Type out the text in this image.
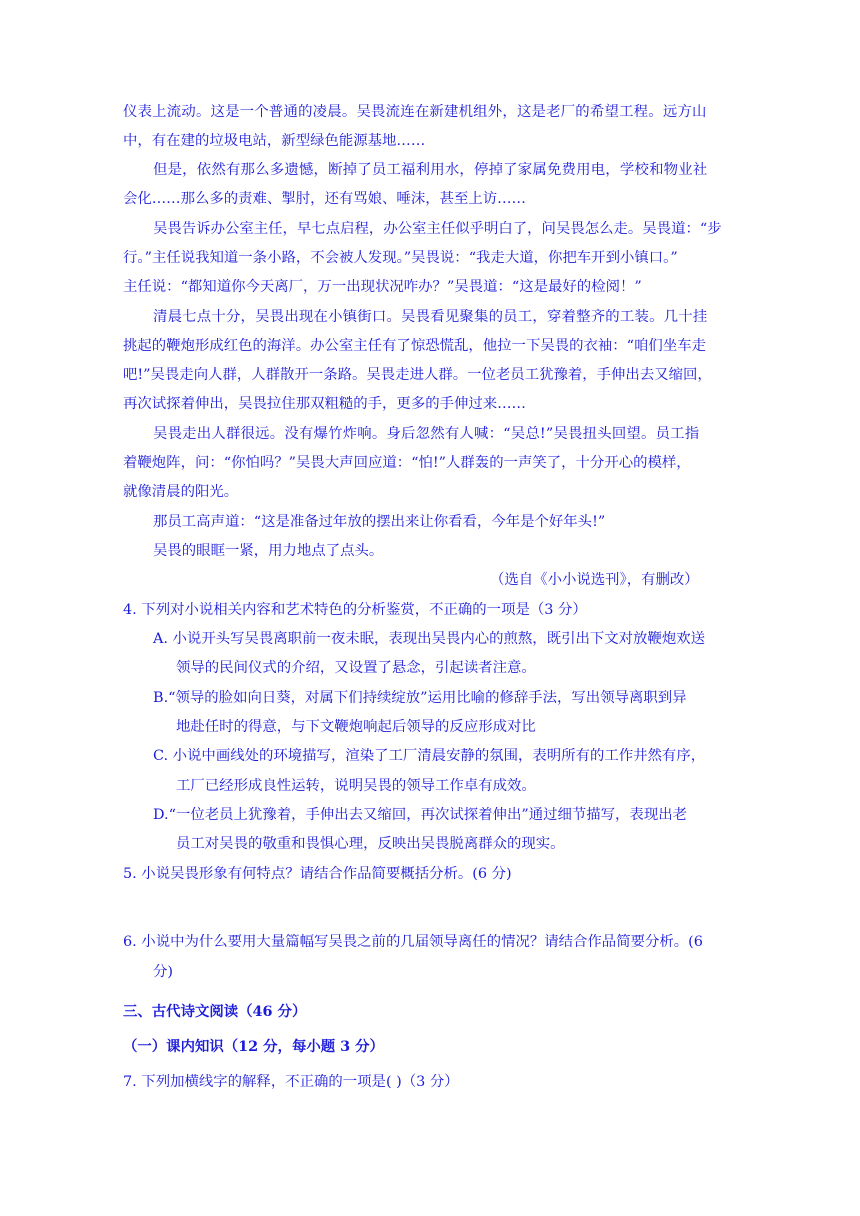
仪表上流动。这是一个普通的凌晨。吴畏流连在新建机组外，这是老厂的希望工程。远方山
中，有在建的垃圾电站，新型绿色能源基地……
但是，依然有那么多遗憾，断掉了员工福利用水，停掉了家属免费用电，学校和物业社
会化……那么多的责难、掣肘，还有骂娘、唾沫，甚至上访……
吴畏告诉办公室主任，早七点启程，办公室主任似乎明白了，问吴畏怎么走。吴畏道：“步
行。”主任说我知道一条小路，不会被人发现。”吴畏说：“我走大道，你把车开到小镇口。”
主任说：“都知道你今天离厂，万一出现状况咋办？”吴畏道：“这是最好的检阅！”
清晨七点十分，吴畏出现在小镇街口。吴畏看见聚集的员工，穿着整齐的工装。几十挂
挑起的鞭炮形成红色的海洋。办公室主任有了惊恐慌乱，他拉一下吴畏的衣袖：“咱们坐车走
吧!”吴畏走向人群，人群散开一条路。吴畏走进人群。一位老员工犹豫着，手伸出去又缩回，
再次试探着伸出，吴畏拉住那双粗糙的手，更多的手伸过来……
吴畏走出人群很远。没有爆竹炸响。身后忽然有人喊：“吴总!”吴畏扭头回望。员工指
着鞭炮阵，问：“你怕吗？”吴畏大声回应道：“怕!”人群轰的一声笑了，十分开心的模样，
就像清晨的阳光。
那员工高声道：“这是准备过年放的摆出来让你看看，今年是个好年头!”
吴畏的眼眶一紧，用力地点了点头。
（选自《小小说选刊》，有删改）
4. 下列对小说相关内容和艺术特色的分析鉴赏，不正确的一项是（3 分）
A. 小说开头写吴畏离职前一夜未眠，表现出吴畏内心的煎熬，既引出下文对放鞭炮欢送
领导的民间仪式的介绍，又设置了悬念，引起读者注意。
B.“领导的脸如向日葵，对属下们持续绽放”运用比喻的修辞手法，写出领导离职到异
地赴任时的得意，与下文鞭炮响起后领导的反应形成对比
C. 小说中画线处的环境描写，渲染了工厂清晨安静的氛围，表明所有的工作井然有序，
工厂已经形成良性运转，说明吴畏的领导工作卓有成效。
D.“一位老员上犹豫着，手伸出去又缩回，再次试探着伸出”通过细节描写，表现出老
员工对吴畏的敬重和畏惧心理，反映出吴畏脱离群众的现实。
5. 小说吴畏形象有何特点？请结合作品简要概括分析。(6 分)
6. 小说中为什么要用大量篇幅写吴畏之前的几届领导离任的情况？请结合作品简要分析。(6
分)
三、古代诗文阅读（46 分）
（一）课内知识（12 分，每小题 3 分）
7. 下列加横线字的解释，不正确的一项是( )（3 分）
